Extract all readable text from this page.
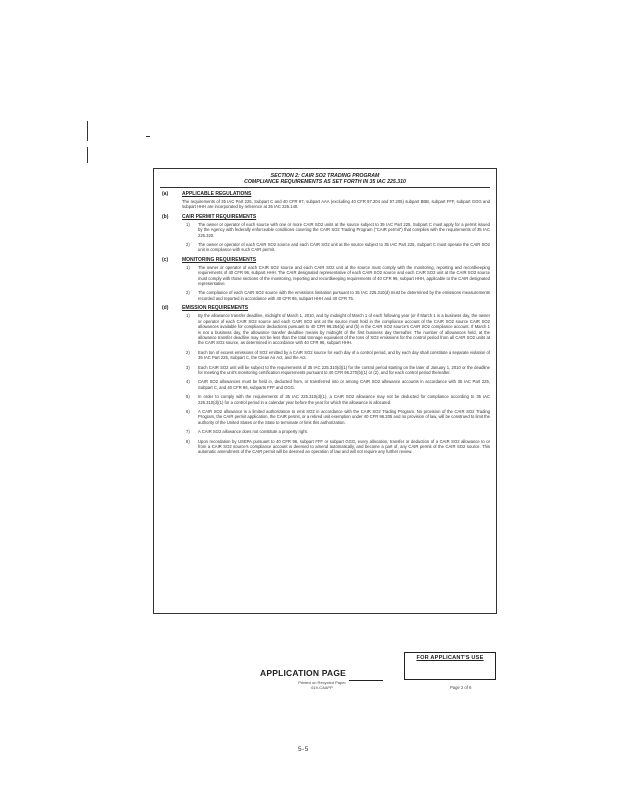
SECTION 2: CAIR SO2 TRADING PROGRAM

COMPLIANCE REQUIREMENTS AS SET FORTH IN 35 IAC 225.310

(a)	APPLICABLE REGULATIONS

The requirements of 35 IAC Part 225, Subpart C and 40 CFR 97, subpart AAA (excluding 40 CFR 97.204 and 97.205) subpart BBB, subpart FFF, subpart GGG and subpart HHH are incorporated by reference at 35 IAC 225.140.

(b)	CAIR PERMIT REQUIREMENTS
1) The owner or operator of each source with one or more CAIR SO2 units at the source subject to 35 IAC Part 225, Subpart C must apply for a permit issued by the Agency with federally enforceable conditions covering the CAIR SO2 Trading Program ("CAIR permit") that complies with the requirements of 35 IAC 225.320.
2) The owner or operator of each CAIR SO2 source and each CAIR SO2 unit at the source subject to 35 IAC Part 225, Subpart C must operate the CAIR SO2 unit in compliance with such CAIR permit.
(c)	MONITORING REQUIREMENTS
1) The owner or operator of each CAIR SO2 source and each CAIR SO2 unit at the source must comply with the monitoring, reporting and recordkeeping requirements of 40 CFR 96, subpart HHH. The CAIR designated representative of each CAIR SO2 source and each CAIR SO2 unit at the CAIR SO2 source must comply with those sections of the monitoring, reporting and recordkeeping requirements of 40 CFR 96, subpart HHH, applicable to the CAIR designated representative.
2) The compliance of each CAIR SO2 source with the emissions limitation pursuant to 35 IAC 225.310(d) must be determined by the emissions measurements recorded and reported in accordance with 40 CFR 96, subpart HHH and 40 CFR 75.
(d)	EMISSION REQUIREMENTS
1) By the allowance transfer deadline, midnight of March 1, 2010, and by midnight of March 1 of each following year (or if March 1 is a business day, the owner or operator of each CAIR SO2 source and each CAIR SO2 unit at the source must hold in the compliance account of the CAIR SO2 source CAIR SO2 allowances available for compliance deductions pursuant to 40 CFR 96.254(a) and (b) in the CAIR SO2 source's CAIR SO2 compliance account. If March 1 is not a business day, the allowance transfer deadline means by midnight of the first business day thereafter. The number of allowances held, at the allowance transfer deadline may not be less than the total tonnage equivalent of the tons of SO2 emissions for the control period from all CAIR SO2 units at the CAIR SO2 source, as determined in accordance with 40 CFR 96, subpart HHH.
2) Each ton of excess emissions of SO2 emitted by a CAIR SO2 source for each day of a control period, and by each day shall constitute a separate violation of 35 IAC Part 225, Subpart C, the Clean Air Act, and the Act.
3) Each CAIR SO2 unit will be subject to the requirements of 35 IAC 225.310(d)(1) for the control period starting on the later of January 1, 2010 or the deadline for meeting the unit's monitoring certification requirements pursuant to 40 CFR 96.270(b)(1) or (2), and for each control period thereafter.
4) CAIR SO2 allowances must be held in, deducted from, or transferred into or among CAIR SO2 allowance accounts in accordance with 35 IAC Part 225, Subpart C, and 40 CFR 96, subparts FFF and GGG.
5) In order to comply with the requirements of 35 IAC 225.310(d)(1), a CAIR SO2 allowance may not be deducted for compliance according to 35 IAC 225.310(d)(1) for a control period in a calendar year before the year for which the allowance is allocated.
6) A CAIR SO2 allowance is a limited authorization to emit SO2 in accordance with the CAIR SO2 Trading Program. No provision of the CAIR SO2 Trading Program, the CAIR permit application, the CAIR permit, or a retired unit exemption under 40 CFR 96.205 and no provision of law, will be construed to limit the authority of the United States or the State to terminate or limit this authorization.
7) A CAIR SO2 allowance does not constitute a property right.
8) Upon recordation by USEPA pursuant to 40 CFR 96, subpart FFF or subpart GGG, every allocation, transfer or deduction of a CAIR SO2 allowance to or from a CAIR SO2 source's compliance account is deemed to amend automatically, and become a part of, any CAIR permit of the CAIR SO2 source. This automatic amendment of the CAIR permit will be deemed an operation of law and will not require any further review.
APPLICATION PAGE
Printed on Recycled Paper
619-CAAPP
FOR APPLICANT'S USE
Page 2 of 6
5-5
